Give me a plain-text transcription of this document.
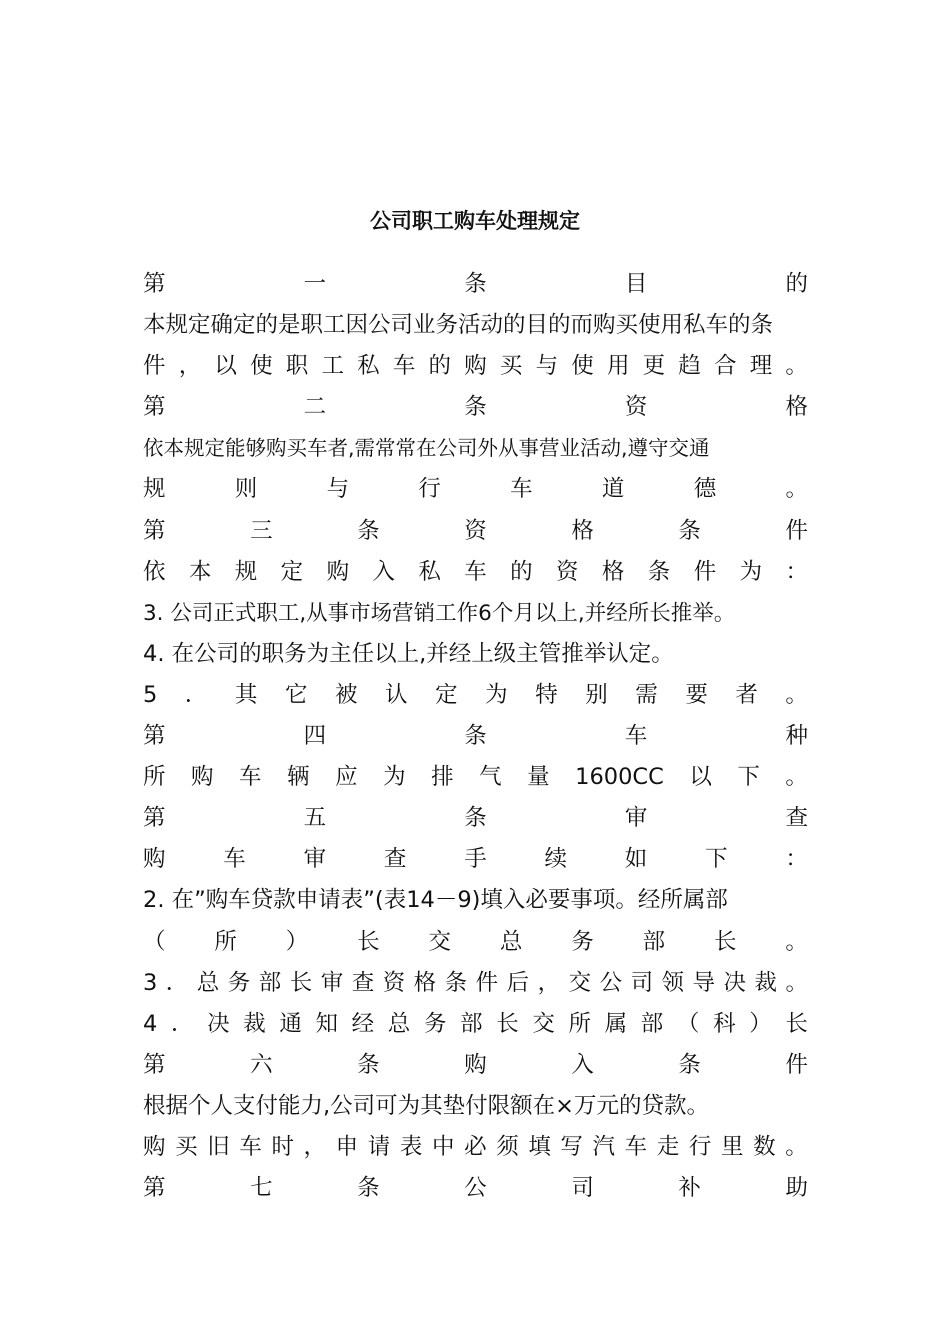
公司职工购车处理规定
第	一	条	目	的
本规定确定的是职工因公司业务活动的目的而购买使用私车的条
件 ， 以 使 职 工 私 车 的 购 买 与 使 用 更 趋 合 理 。
第	二	条	资	格
依本规定能够购买车者,需常常在公司外从事营业活动,遵守交通
规	则	与	行	车	道	德	。
第	三	条	资	格	条	件
依 本 规 定 购 入 私 车 的 资 格 条 件 为 ：
3. 公司正式职工,从事市场营销工作6个月以上,并经所长推举。
4. 在公司的职务为主任以上,并经上级主管推举认定。
5 ． 其 它 被 认 定 为 特 别 需 要 者 。
第	四	条	车	种
所 购 车 辆 应 为 排 气 量 1600CC 以 下 。
第	五	条	审	查
购	车	审	查	手	续	如	下	：
2. 在”购车贷款申请表”(表14－9)填入必要事项。经所属部
（ 所 ） 长 交 总 务 部 长 。
3 ． 总 务 部 长 审 查 资 格 条 件 后 ， 交 公 司 领 导 决 裁 。
4 ． 决 裁 通 知 经 总 务 部 长 交 所 属 部 （ 科 ） 长
第	六	条	购	入	条	件
根据个人支付能力,公司可为其垫付限额在×万元的贷款。
购 买 旧 车 时 ， 申 请 表 中 必 须 填 写 汽 车 走 行 里 数 。
第	七	条	公	司	补	助
